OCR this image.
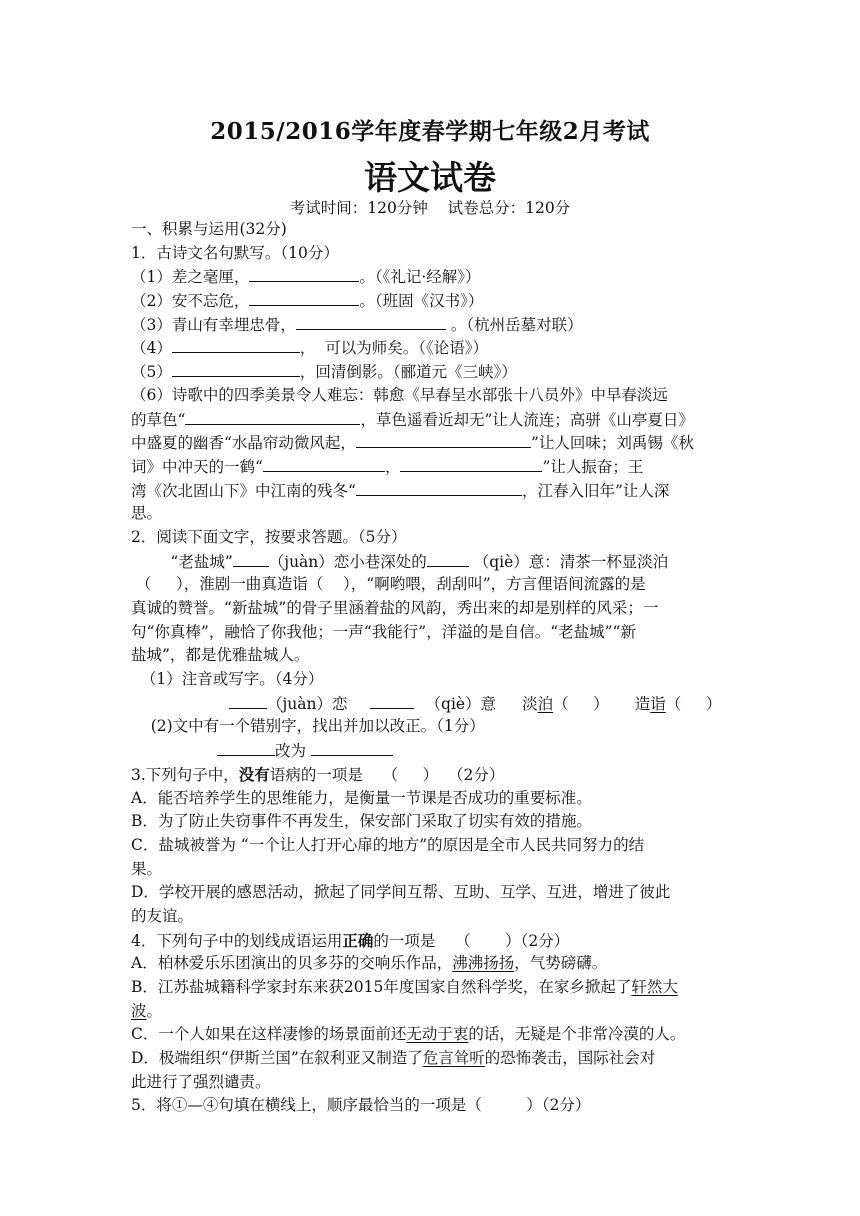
2015/2016学年度春学期七年级2月考试
语文试卷
考试时间：120分钟    试卷总分：120分
一、积累与运用(32分)
1．古诗文名句默写。（10分）
（1）差之毫厘，	。（《礼记·经解》）
（2）安不忘危，	。（班固《汉书》）
（3）青山有幸埋忠骨，	。（杭州岳墓对联）
（4）	，  可以为师矣。（《论语》）
（5）	，回清倒影。（郦道元《三峡》）
（6）诗歌中的四季美景令人难忘：韩愈《早春呈水部张十八员外》中早春淡远
的草色“	，草色遥看近却无”让人流连；高骈《山亭夏日》
中盛夏的幽香“水晶帘动微风起，	”让人回味；刘禹锡《秋
词》中冲天的一鹤“	，	”让人振奋；王
湾《次北固山下》中江南的残冬“	，江春入旧年”让人深
思。
2．阅读下面文字，按要求答题。（5分）
“老盐城” （juàn）恋小巷深处的	（qiè）意：清茶一杯显淡泊
（     ），淮剧一曲真造诣（    ），“啊哟喂，刮刮叫”，方言俚语间流露的是
真诚的赞誉。“新盐城”的骨子里涵着盐的风韵，秀出来的却是别样的风采；一
句“你真棒”，融恰了你我他；一声“我能行”，洋溢的是自信。“老盐城”“新
盐城”，都是优雅盐城人。
（1）注音或写字。（4分）
（juàn）恋	（qiè）意 淡泊（     ） 造诣（     ）
(2)文中有一个错别字，找出并加以改正。（1分）
改为
3.下列句子中，没有语病的一项是    （     ）  （2分）
A．能否培养学生的思维能力，是衡量一节课是否成功的重要标准。
B．为了防止失窃事件不再发生，保安部门采取了切实有效的措施。
C．盐城被誉为 “一个让人打开心扉的地方”的原因是全市人民共同努力的结
果。
D．学校开展的感恩活动，掀起了同学间互帮、互助、互学、互进，增进了彼此
的友谊。
4．下列句子中的划线成语运用正确的一项是    （       ）（2分）
A．柏林爱乐乐团演出的贝多芬的交响乐作品，沸沸扬扬，气势磅礴。
B．江苏盐城籍科学家封东来获2015年度国家自然科学奖，在家乡掀起了轩然大
波。
C．一个人如果在这样凄惨的场景面前还无动于衷的话，无疑是个非常冷漠的人。
D．极端组织“伊斯兰国”在叙利亚又制造了危言耸听的恐怖袭击，国际社会对
此进行了强烈谴责。
5．将①—④句填在横线上，顺序最恰当的一项是（         ）（2分）
